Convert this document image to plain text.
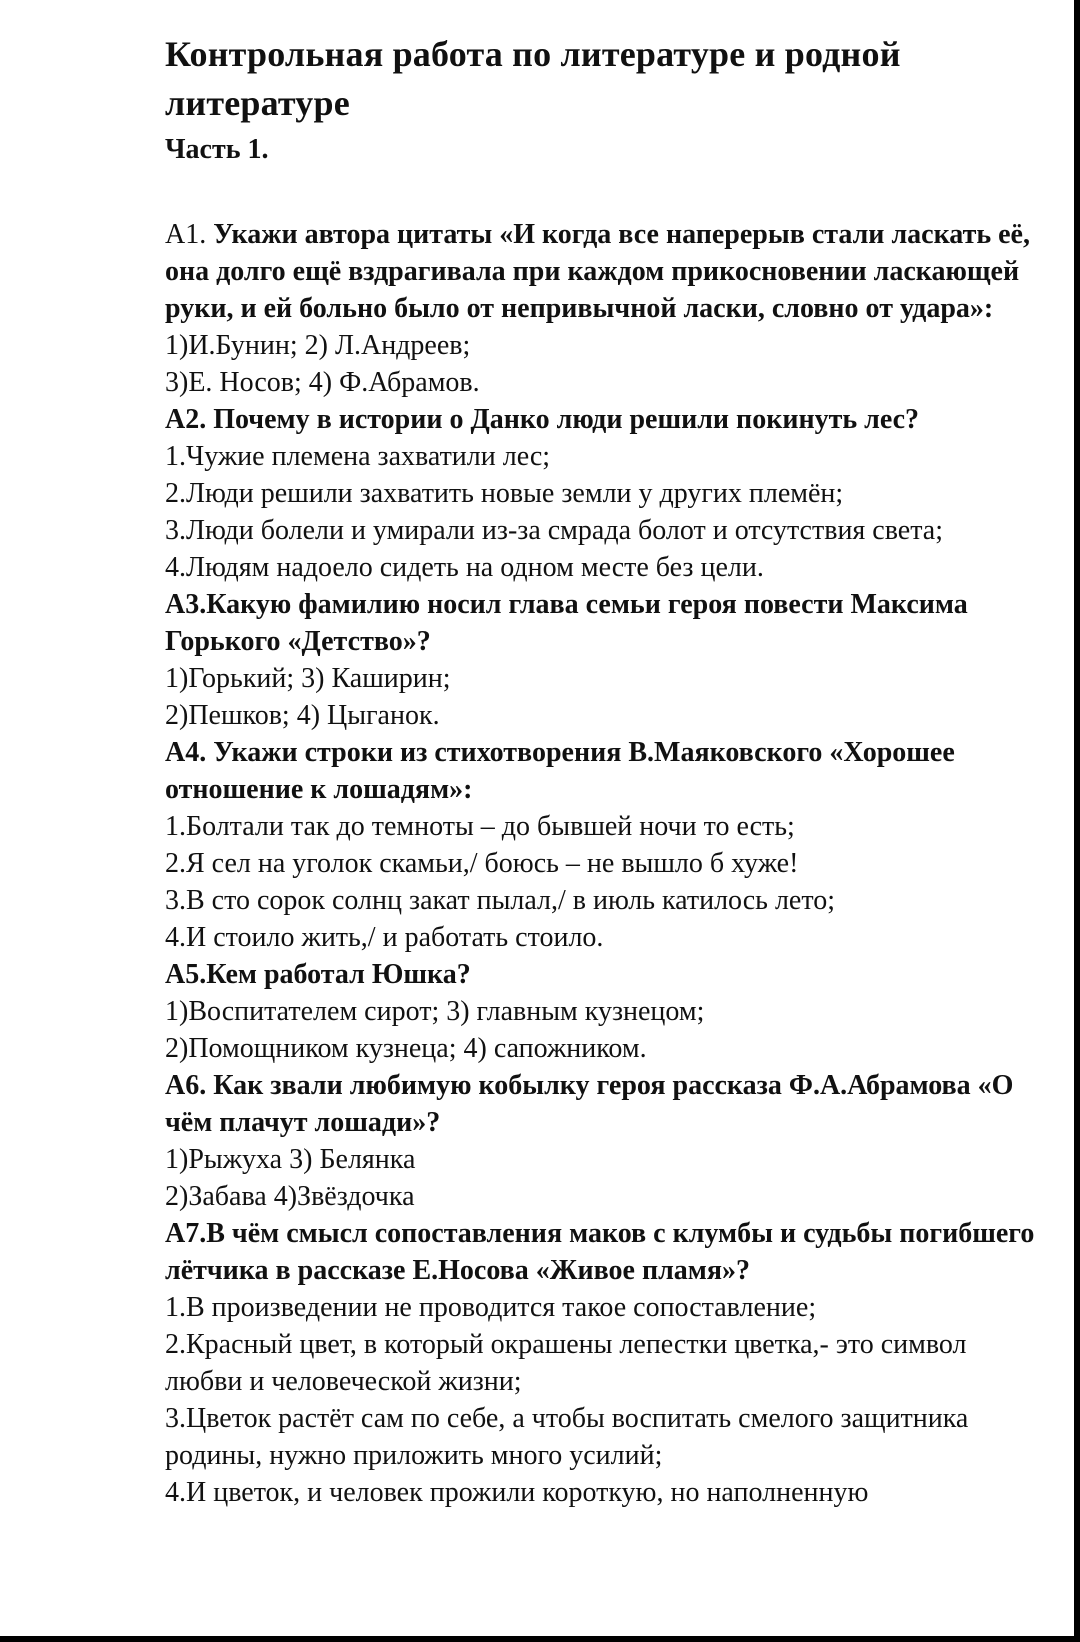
Контрольная работа по литературе и родной литературе
Часть 1.

А1. Укажи автора цитаты «И когда все наперерыв стали ласкать её, она долго ещё вздрагивала при каждом прикосновении ласкающей руки, и ей больно было от непривычной ласки, словно от удара»:

1)И.Бунин; 2) Л.Андреев;

3)Е. Носов; 4) Ф.Абрамов.

А2. Почему в истории о Данко люди решили покинуть лес?

1.Чужие племена захватили лес;

2.Люди решили захватить новые земли у других племён;

3.Люди болели и умирали из-за смрада болот и отсутствия света;

4.Людям надоело сидеть на одном месте без цели.

А3.Какую фамилию носил глава семьи героя повести Максима Горького «Детство»?

1)Горький; 3) Каширин;

2)Пешков; 4) Цыганок.

А4. Укажи строки из стихотворения В.Маяковского «Хорошее отношение к лошадям»:

1.Болтали так до темноты – до бывшей ночи то есть;

2.Я сел на уголок скамьи,/ боюсь – не вышло б хуже!

3.В сто сорок солнц закат пылал,/ в июль катилось лето;

4.И стоило жить,/ и работать стоило.

А5.Кем работал Юшка?

1)Воспитателем сирот; 3) главным кузнецом;

2)Помощником кузнеца; 4) сапожником.

А6. Как звали любимую кобылку героя рассказа Ф.А.Абрамова «О чём плачут лошади»?

1)Рыжуха 3) Белянка

2)Забава 4)Звёздочка

А7.В чём смысл сопоставления маков с клумбы и судьбы погибшего лётчика в рассказе Е.Носова «Живое пламя»?

1.В произведении не проводится такое сопоставление;

2.Красный цвет, в который окрашены лепестки цветка,- это символ любви и человеческой жизни;

3.Цветок растёт сам по себе, а чтобы воспитать смелого защитника родины, нужно приложить много усилий;

4.И цветок, и человек прожили короткую, но наполненную
